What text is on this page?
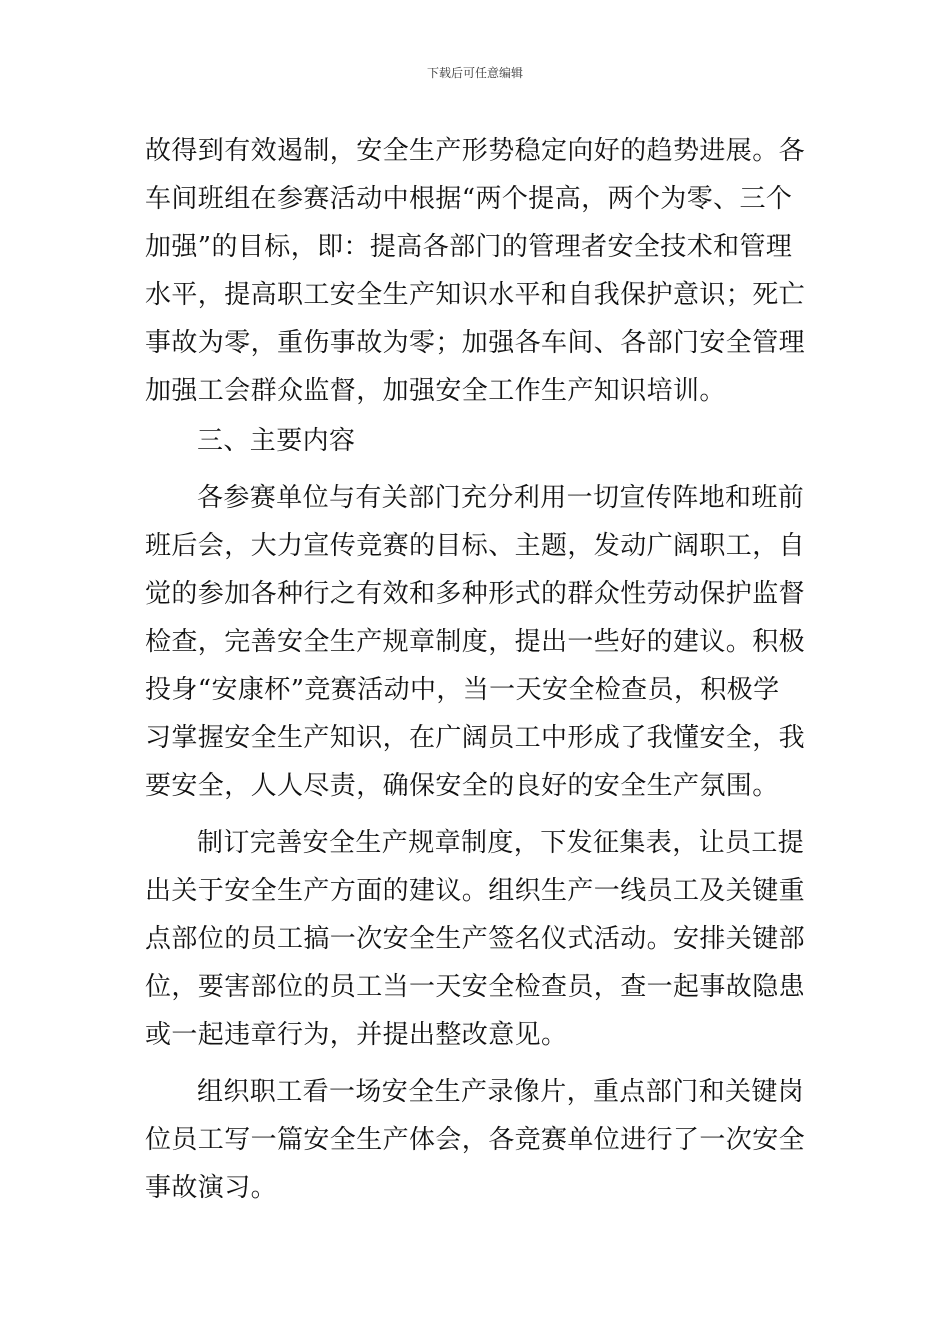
下载后可任意编辑
故得到有效遏制，安全生产形势稳定向好的趋势进展。各
车间班组在参赛活动中根据“两个提高，两个为零、三个
加强”的目标，即：提高各部门的管理者安全技术和管理
水平，提高职工安全生产知识水平和自我保护意识；死亡
事故为零，重伤事故为零；加强各车间、各部门安全管理
加强工会群众监督，加强安全工作生产知识培训。
三、主要内容
各参赛单位与有关部门充分利用一切宣传阵地和班前
班后会，大力宣传竞赛的目标、主题，发动广阔职工，自
觉的参加各种行之有效和多种形式的群众性劳动保护监督
检查，完善安全生产规章制度，提出一些好的建议。积极
投身“安康杯”竞赛活动中，当一天安全检查员，积极学
习掌握安全生产知识，在广阔员工中形成了我懂安全，我
要安全，人人尽责，确保安全的良好的安全生产氛围。
制订完善安全生产规章制度，下发征集表，让员工提
出关于安全生产方面的建议。组织生产一线员工及关键重
点部位的员工搞一次安全生产签名仪式活动。安排关键部
位，要害部位的员工当一天安全检查员，查一起事故隐患
或一起违章行为，并提出整改意见。
组织职工看一场安全生产录像片，重点部门和关键岗
位员工写一篇安全生产体会，各竞赛单位进行了一次安全
事故演习。
